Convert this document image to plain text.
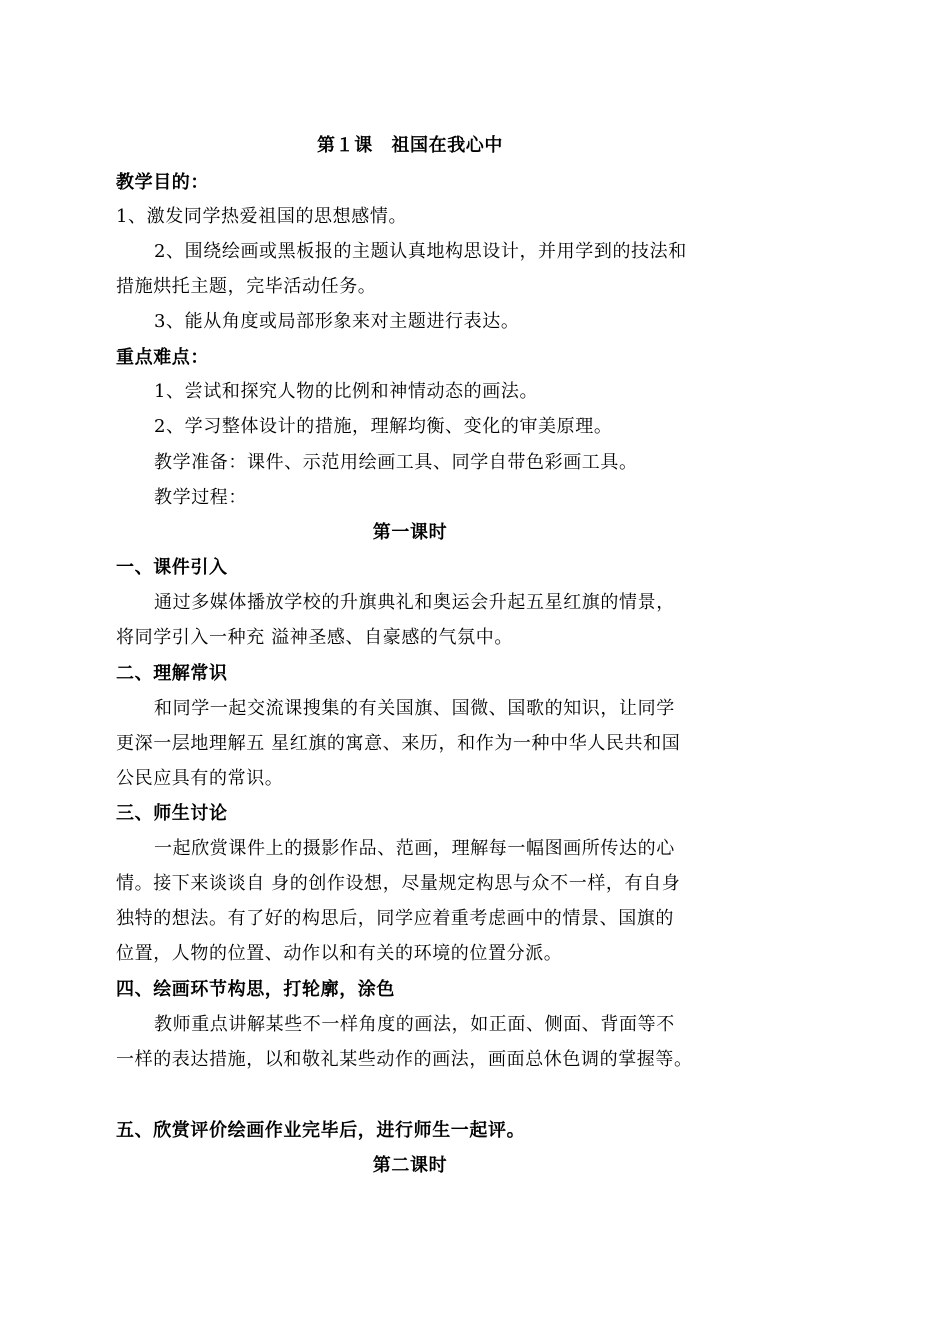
第１课　祖国在我心中
教学目的：
1、激发同学热爱祖国的思想感情。
2、围绕绘画或黑板报的主题认真地构思设计，并用学到的技法和
措施烘托主题，完毕活动任务。
3、能从角度或局部形象来对主题进行表达。
重点难点：
1、尝试和探究人物的比例和神情动态的画法。
2、学习整体设计的措施，理解均衡、变化的审美原理。
教学准备：课件、示范用绘画工具、同学自带色彩画工具。
教学过程：
第一课时
一、课件引入
通过多媒体播放学校的升旗典礼和奥运会升起五星红旗的情景，
将同学引入一种充 溢神圣感、自豪感的气氛中。
二、理解常识
和同学一起交流课搜集的有关国旗、国微、国歌的知识，让同学
更深一层地理解五 星红旗的寓意、来历，和作为一种中华人民共和国
公民应具有的常识。
三、师生讨论
一起欣赏课件上的摄影作品、范画，理解每一幅图画所传达的心
情。接下来谈谈自 身的创作设想，尽量规定构思与众不一样，有自身
独特的想法。有了好的构思后，同学应着重考虑画中的情景、国旗的
位置，人物的位置、动作以和有关的环境的位置分派。
四、绘画环节构思，打轮廓，涂色
教师重点讲解某些不一样角度的画法，如正面、侧面、背面等不
一样的表达措施，以和敬礼某些动作的画法，画面总休色调的掌握等。
五、欣赏评价绘画作业完毕后，进行师生一起评。
第二课时
